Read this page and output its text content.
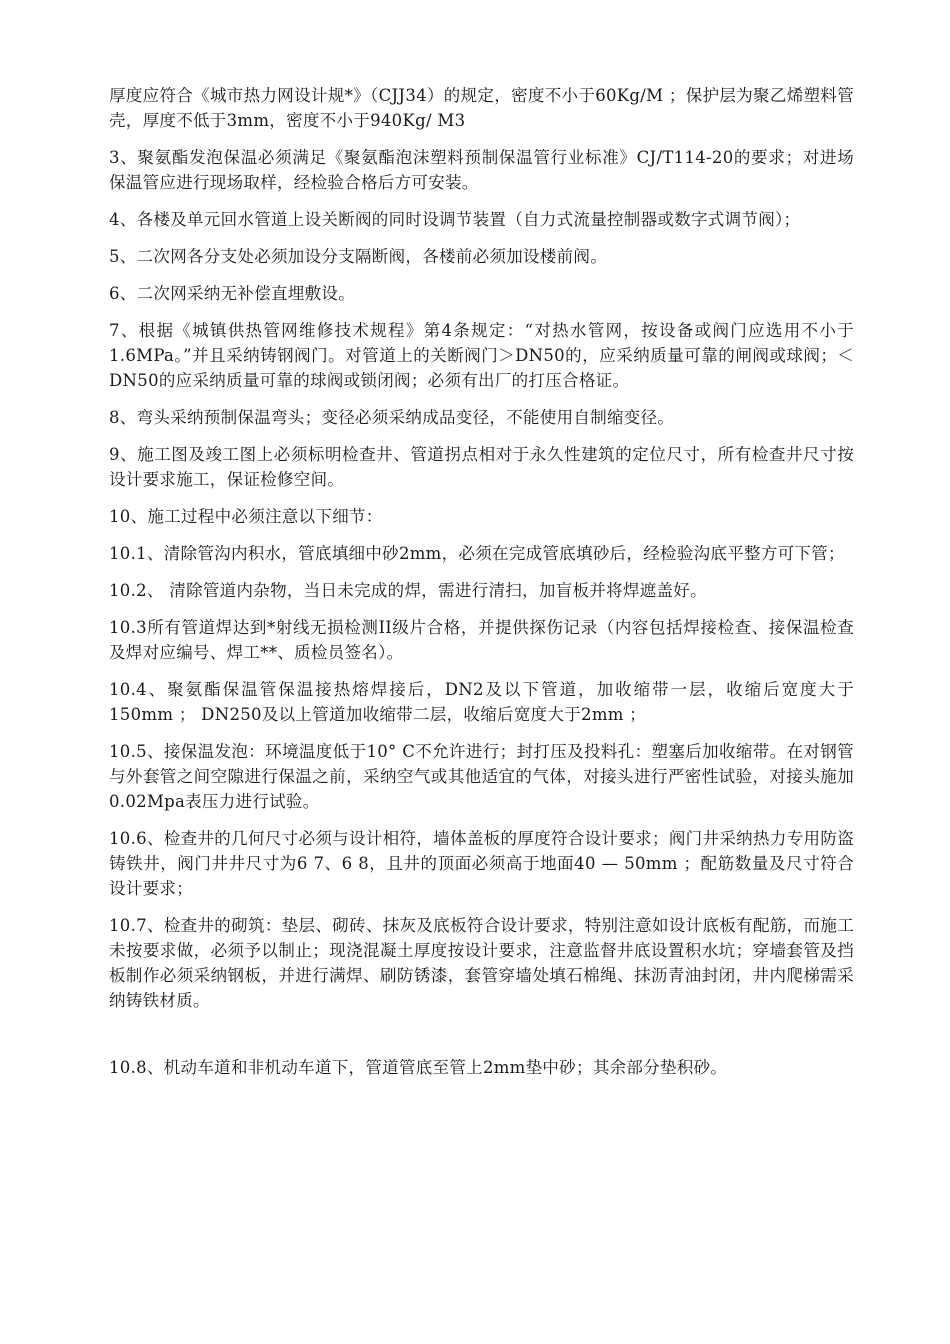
厚度应符合《城市热力网设计规*》（CJJ34）的规定，密度不小于60Kg/M ；保护层为聚乙烯塑料管壳，厚度不低于3mm，密度不小于940Kg/ M3

3、聚氨酯发泡保温必须满足《聚氨酯泡沫塑料预制保温管行业标准》CJ/T114-20的要求；对进场保温管应进行现场取样，经检验合格后方可安装。

4、各楼及单元回水管道上设关断阀的同时设调节装置（自力式流量控制器或数字式调节阀）；

5、二次网各分支处必须加设分支隔断阀，各楼前必须加设楼前阀。

6、二次网采纳无补偿直埋敷设。

7、根据《城镇供热管网维修技术规程》第4条规定：“对热水管网，按设备或阀门应选用不小于1.6MPa。”并且采纳铸钢阀门。对管道上的关断阀门＞DN50的，应采纳质量可靠的闸阀或球阀；＜DN50的应采纳质量可靠的球阀或锁闭阀；必须有出厂的打压合格证。

8、弯头采纳预制保温弯头；变径必须采纳成品变径，不能使用自制缩变径。

9、施工图及竣工图上必须标明检查井、管道拐点相对于永久性建筑的定位尺寸，所有检查井尺寸按设计要求施工，保证检修空间。

10、施工过程中必须注意以下细节：

10.1、清除管沟内积水，管底填细中砂2mm，必须在完成管底填砂后，经检验沟底平整方可下管；

10.2、 清除管道内杂物，当日未完成的焊，需进行清扫，加盲板并将焊遮盖好。

10.3所有管道焊达到*射线无损检测II级片合格，并提供探伤记录（内容包括焊接检查、接保温检查及焊对应编号、焊工**、质检员签名）。

10.4、聚氨酯保温管保温接热熔焊接后，DN2及以下管道，加收缩带一层，收缩后宽度大于150mm ； DN250及以上管道加收缩带二层，收缩后宽度大于2mm ；

10.5、接保温发泡：环境温度低于10° C不允许进行；封打压及投料孔：塑塞后加收缩带。在对钢管与外套管之间空隙进行保温之前，采纳空气或其他适宜的气体，对接头进行严密性试验，对接头施加0.02Mpa表压力进行试验。

10.6、检查井的几何尺寸必须与设计相符，墙体盖板的厚度符合设计要求；阀门井采纳热力专用防盗铸铁井，阀门井井尺寸为6 7、6 8，且井的顶面必须高于地面40 — 50mm ；配筋数量及尺寸符合设计要求；

10.7、检查井的砌筑：垫层、砌砖、抹灰及底板符合设计要求，特别注意如设计底板有配筋，而施工未按要求做，必须予以制止；现浇混凝土厚度按设计要求，注意监督井底设置积水坑；穿墙套管及挡板制作必须采纳钢板，并进行满焊、刷防锈漆，套管穿墙处填石棉绳、抹沥青油封闭，井内爬梯需采纳铸铁材质。

10.8、机动车道和非机动车道下，管道管底至管上2mm垫中砂；其余部分垫积砂。
